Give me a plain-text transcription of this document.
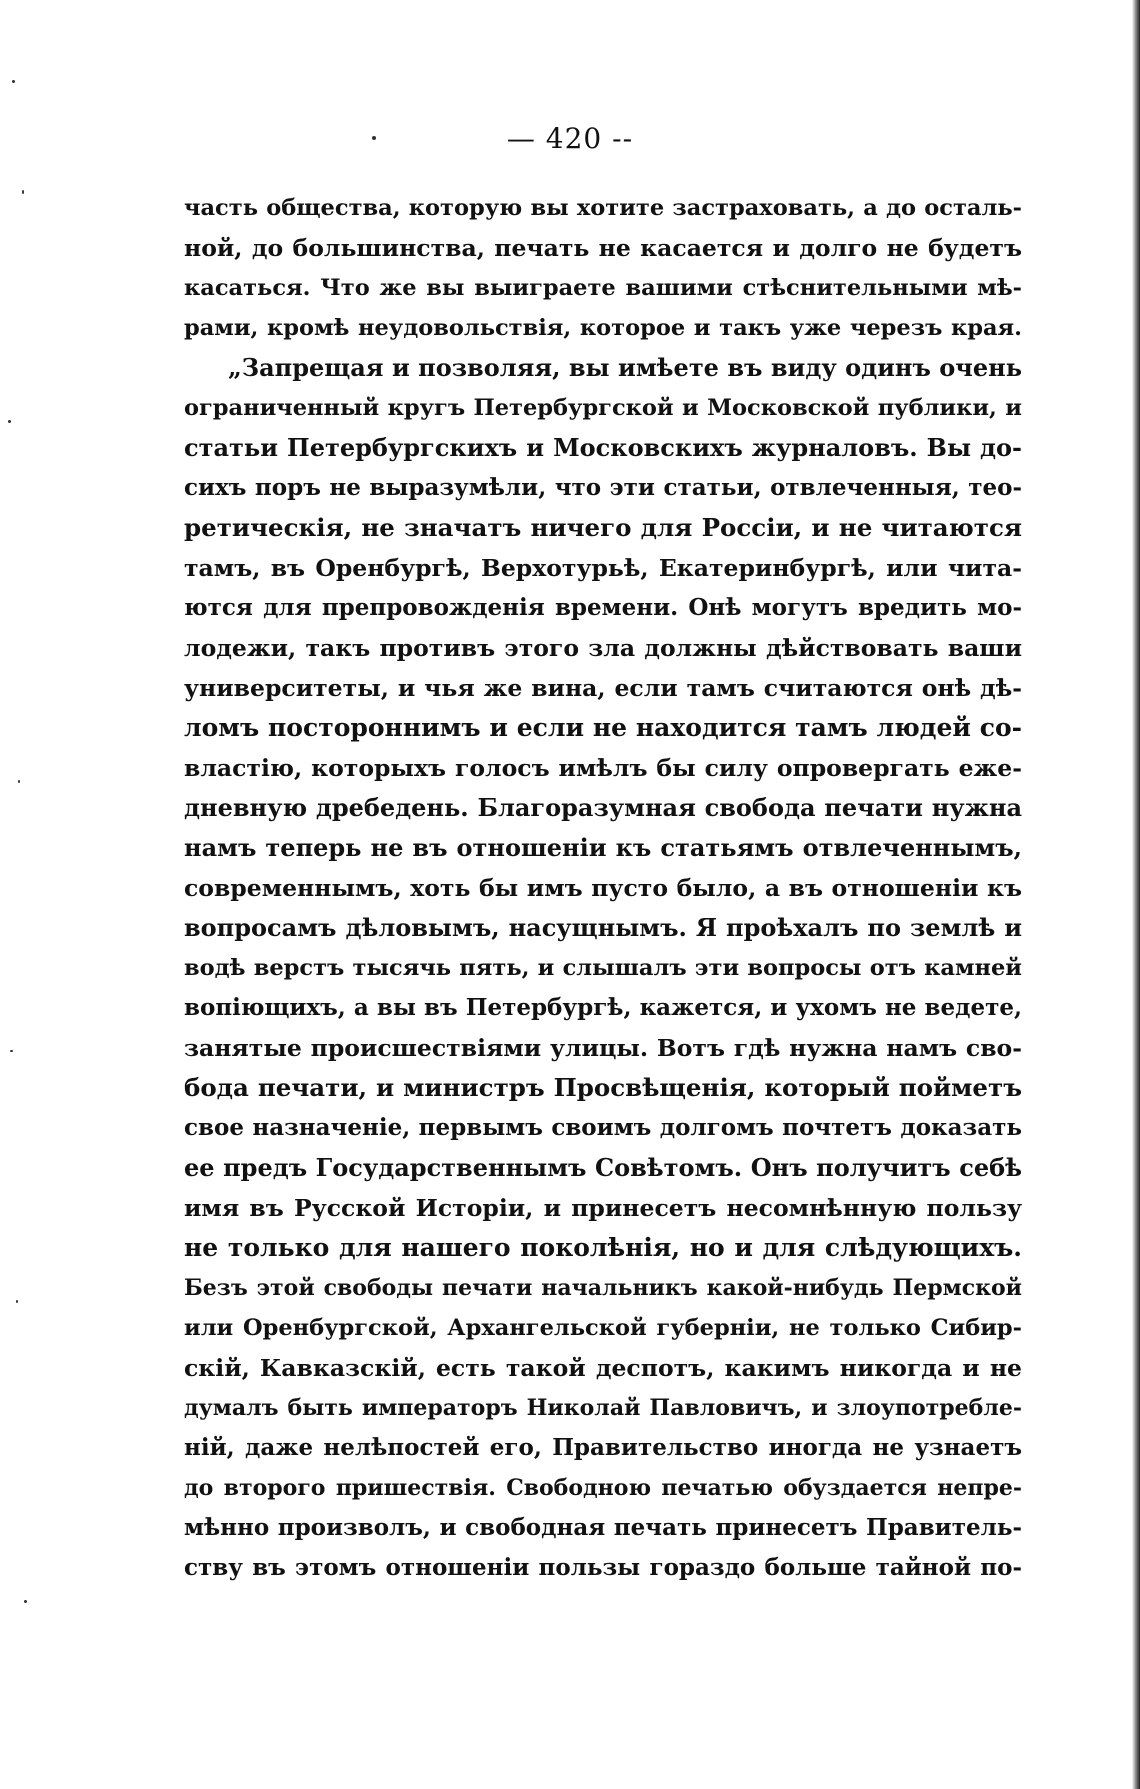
— 420 --
часть общества, которую вы хотите застраховать, а до осталь-
ной, до большинства, печать не касается и долго не будетъ
касаться. Что же вы выиграете вашими стѣснительными мѣ-
рами, кромѣ неудовольствія, которое и такъ уже черезъ края.
„Запрещая и позволяя, вы имѣете въ виду одинъ очень
ограниченный кругъ Петербургской и Московской публики, и
статьи Петербургскихъ и Московскихъ журналовъ. Вы до-
сихъ поръ не выразумѣли, что эти статьи, отвлеченныя, тео-
ретическія, не значатъ ничего для Россіи, и не читаются
тамъ, въ Оренбургѣ, Верхотурьѣ, Екатеринбургѣ, или чита-
ются для препровожденія времени. Онѣ могутъ вредить мо-
лодежи, такъ противъ этого зла должны дѣйствовать ваши
университеты, и чья же вина, если тамъ считаются онѣ дѣ-
ломъ постороннимъ и если не находится тамъ людей со-
властію, которыхъ голосъ имѣлъ бы силу опровергать еже-
дневную дребедень. Благоразумная свобода печати нужна
намъ теперь не въ отношеніи къ статьямъ отвлеченнымъ,
современнымъ, хоть бы имъ пусто было, а въ отношеніи къ
вопросамъ дѣловымъ, насущнымъ. Я проѣхалъ по землѣ и
водѣ верстъ тысячь пять, и слышалъ эти вопросы отъ камней
вопіющихъ, а вы въ Петербургѣ, кажется, и ухомъ не ведете,
занятые происшествіями улицы. Вотъ гдѣ нужна намъ сво-
бода печати, и министръ Просвѣщенія, который пойметъ
свое назначеніе, первымъ своимъ долгомъ почтетъ доказать
ее предъ Государственнымъ Совѣтомъ. Онъ получитъ себѣ
имя въ Русской Исторіи, и принесетъ несомнѣнную пользу
не только для нашего поколѣнія, но и для слѣдующихъ.
Безъ этой свободы печати начальникъ какой-нибудь Пермской
или Оренбургской, Архангельской губерніи, не только Сибир-
скій, Кавказскій, есть такой деспотъ, какимъ никогда и не
думалъ быть императоръ Николай Павловичъ, и злоупотребле-
ній, даже нелѣпостей его, Правительство иногда не узнаетъ
до второго пришествія. Свободною печатью обуздается непре-
мѣнно произволъ, и свободная печать принесетъ Правитель-
ству въ этомъ отношеніи пользы гораздо больше тайной по-
